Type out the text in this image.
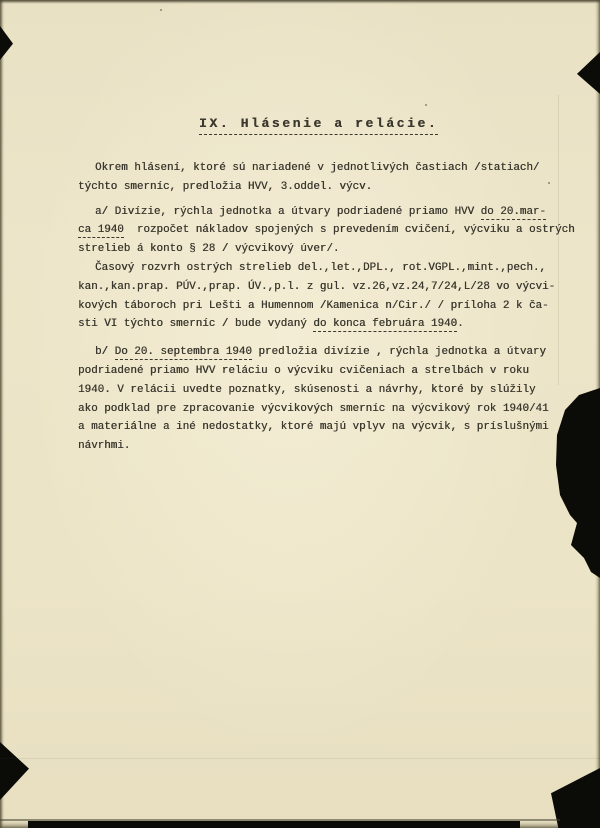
IX. Hlásenie a relácie.
Okrem hlásení, ktoré sú nariadené v jednotlivých častiach /statiach/
týchto smerníc, predložia HVV, 3.oddel. výcv.
a/ Divízie, rýchla jednotka a útvary podriadené priamo HVV do 20.mar-
ca 1940  rozpočet nákladov spojených s prevedením cvičení, výcviku a ostrých
strelieb á konto § 28 / výcvikový úver/.
Časový rozvrh ostrých strelieb del.,let.,DPL., rot.VGPL.,mint.,pech.,
kan.,kan.prap. PÚV.,prap. ÚV.,p.l. z gul. vz.26,vz.24,7/24,L/28 vo výcvi-
kových táboroch pri Lešti a Humennom /Kamenica n/Cir./ / príloha 2 k ča-
sti VI týchto smerníc / bude vydaný do konca februára 1940.
b/ Do 20. septembra 1940 predložia divízie , rýchla jednotka a útvary
podriadené priamo HVV reláciu o výcviku cvičeniach a strelbách v roku
1940. V relácii uvedte poznatky, skúsenosti a návrhy, ktoré by slúžily
ako podklad pre zpracovanie výcvikových smerníc na výcvikový rok 1940/41
a materiálne a iné nedostatky, ktoré majú vplyv na výcvik, s príslušnými
návrhmi.
